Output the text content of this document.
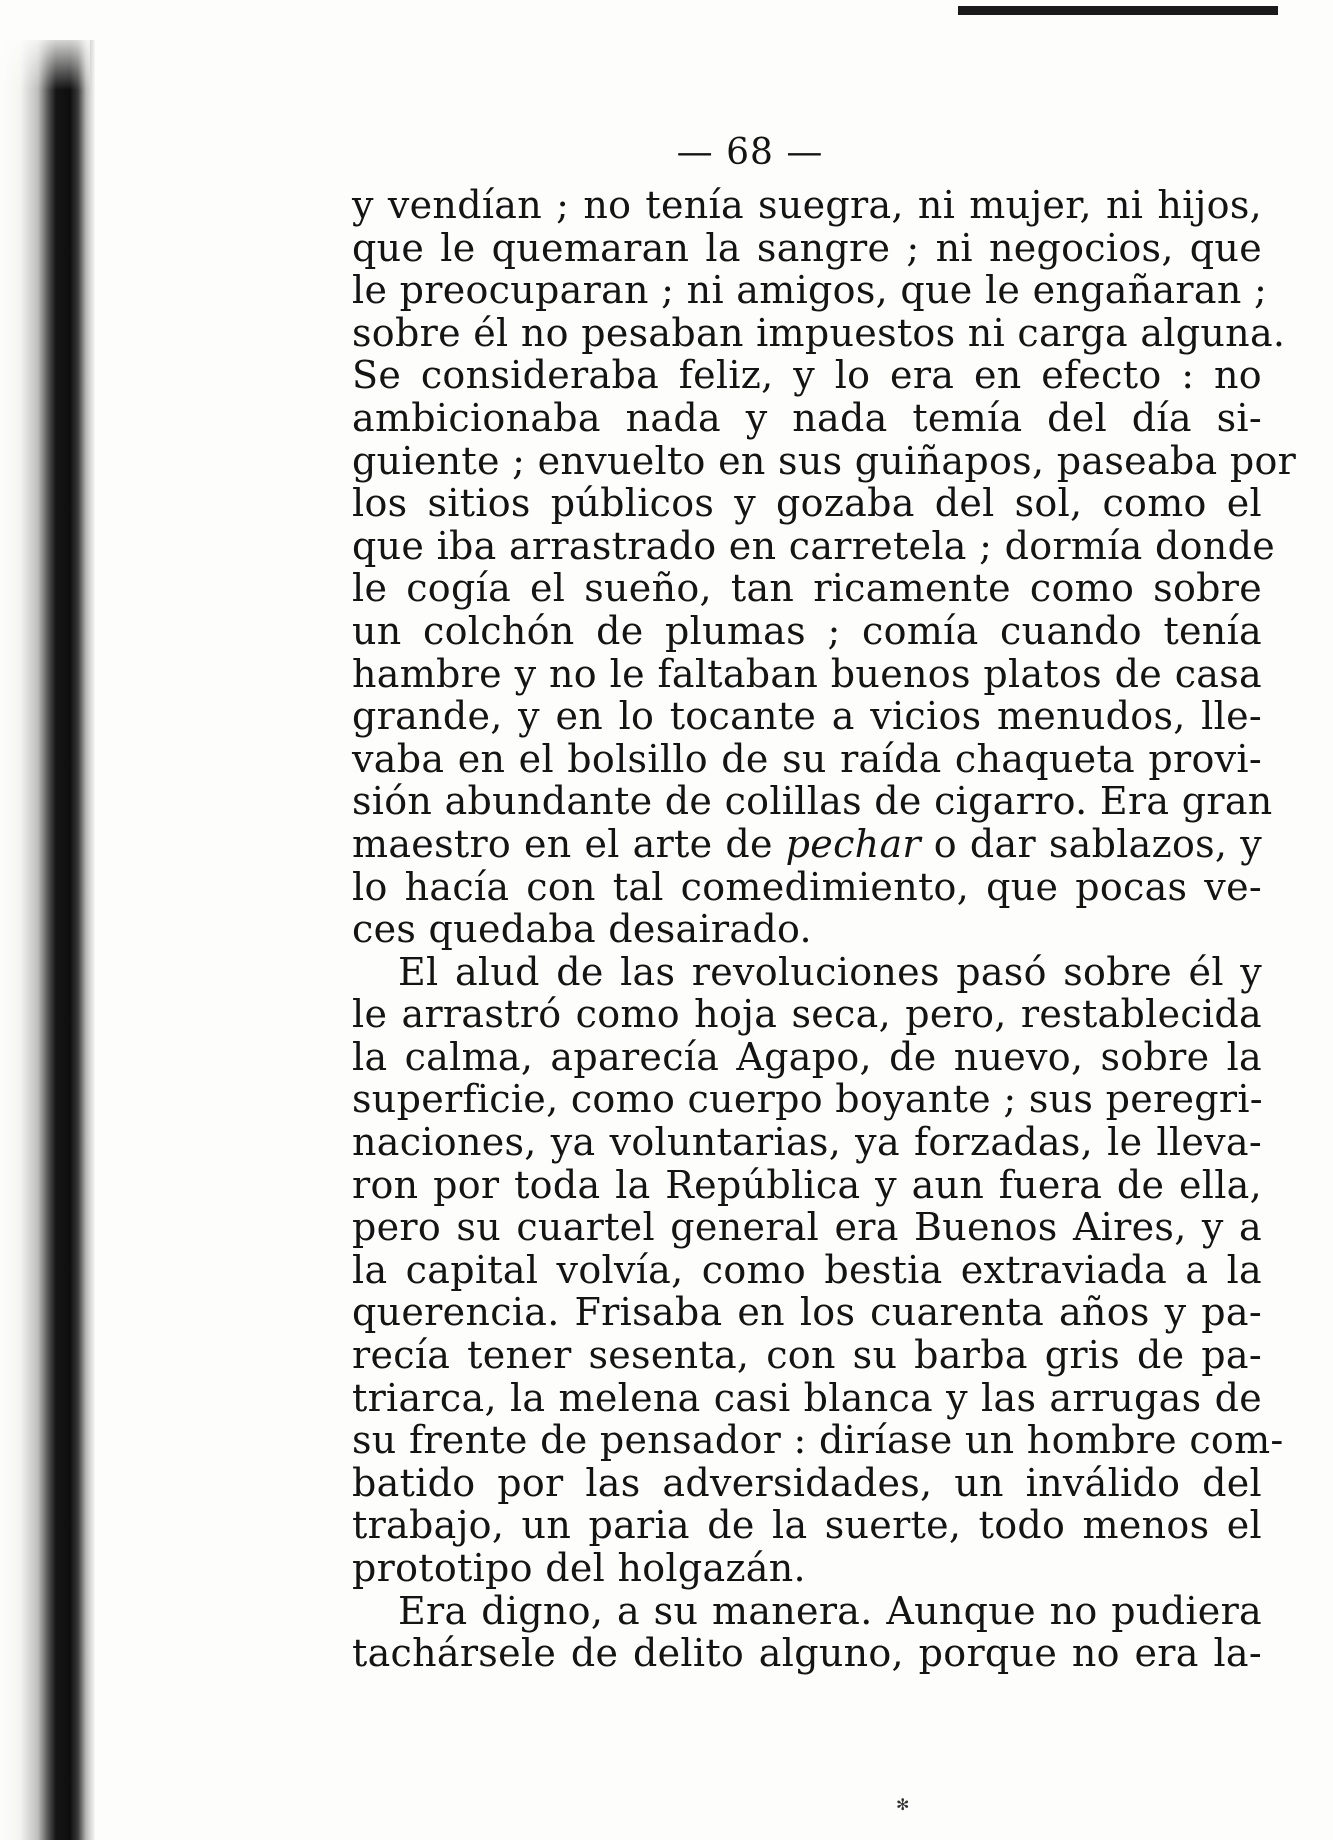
— 68 —
y vendían ; no tenía suegra, ni mujer, ni hijos,
que le quemaran la sangre ; ni negocios, que
le preocuparan ; ni amigos, que le engañaran ;
sobre él no pesaban impuestos ni carga alguna.
Se consideraba feliz, y lo era en efecto : no
ambicionaba nada y nada temía del día si-
guiente ; envuelto en sus guiñapos, paseaba por
los sitios públicos y gozaba del sol, como el
que iba arrastrado en carretela ; dormía donde
le cogía el sueño, tan ricamente como sobre
un colchón de plumas ; comía cuando tenía
hambre y no le faltaban buenos platos de casa
grande, y en lo tocante a vicios menudos, lle-
vaba en el bolsillo de su raída chaqueta provi-
sión abundante de colillas de cigarro. Era gran
maestro en el arte de pechar o dar sablazos, y
lo hacía con tal comedimiento, que pocas ve-
ces quedaba desairado.
El alud de las revoluciones pasó sobre él y
le arrastró como hoja seca, pero, restablecida
la calma, aparecía Agapo, de nuevo, sobre la
superficie, como cuerpo boyante ; sus peregri-
naciones, ya voluntarias, ya forzadas, le lleva-
ron por toda la República y aun fuera de ella,
pero su cuartel general era Buenos Aires, y a
la capital volvía, como bestia extraviada a la
querencia. Frisaba en los cuarenta años y pa-
recía tener sesenta, con su barba gris de pa-
triarca, la melena casi blanca y las arrugas de
su frente de pensador : diríase un hombre com-
batido por las adversidades, un inválido del
trabajo, un paria de la suerte, todo menos el
prototipo del holgazán.
Era digno, a su manera. Aunque no pudiera
tachársele de delito alguno, porque no era la-
✻
